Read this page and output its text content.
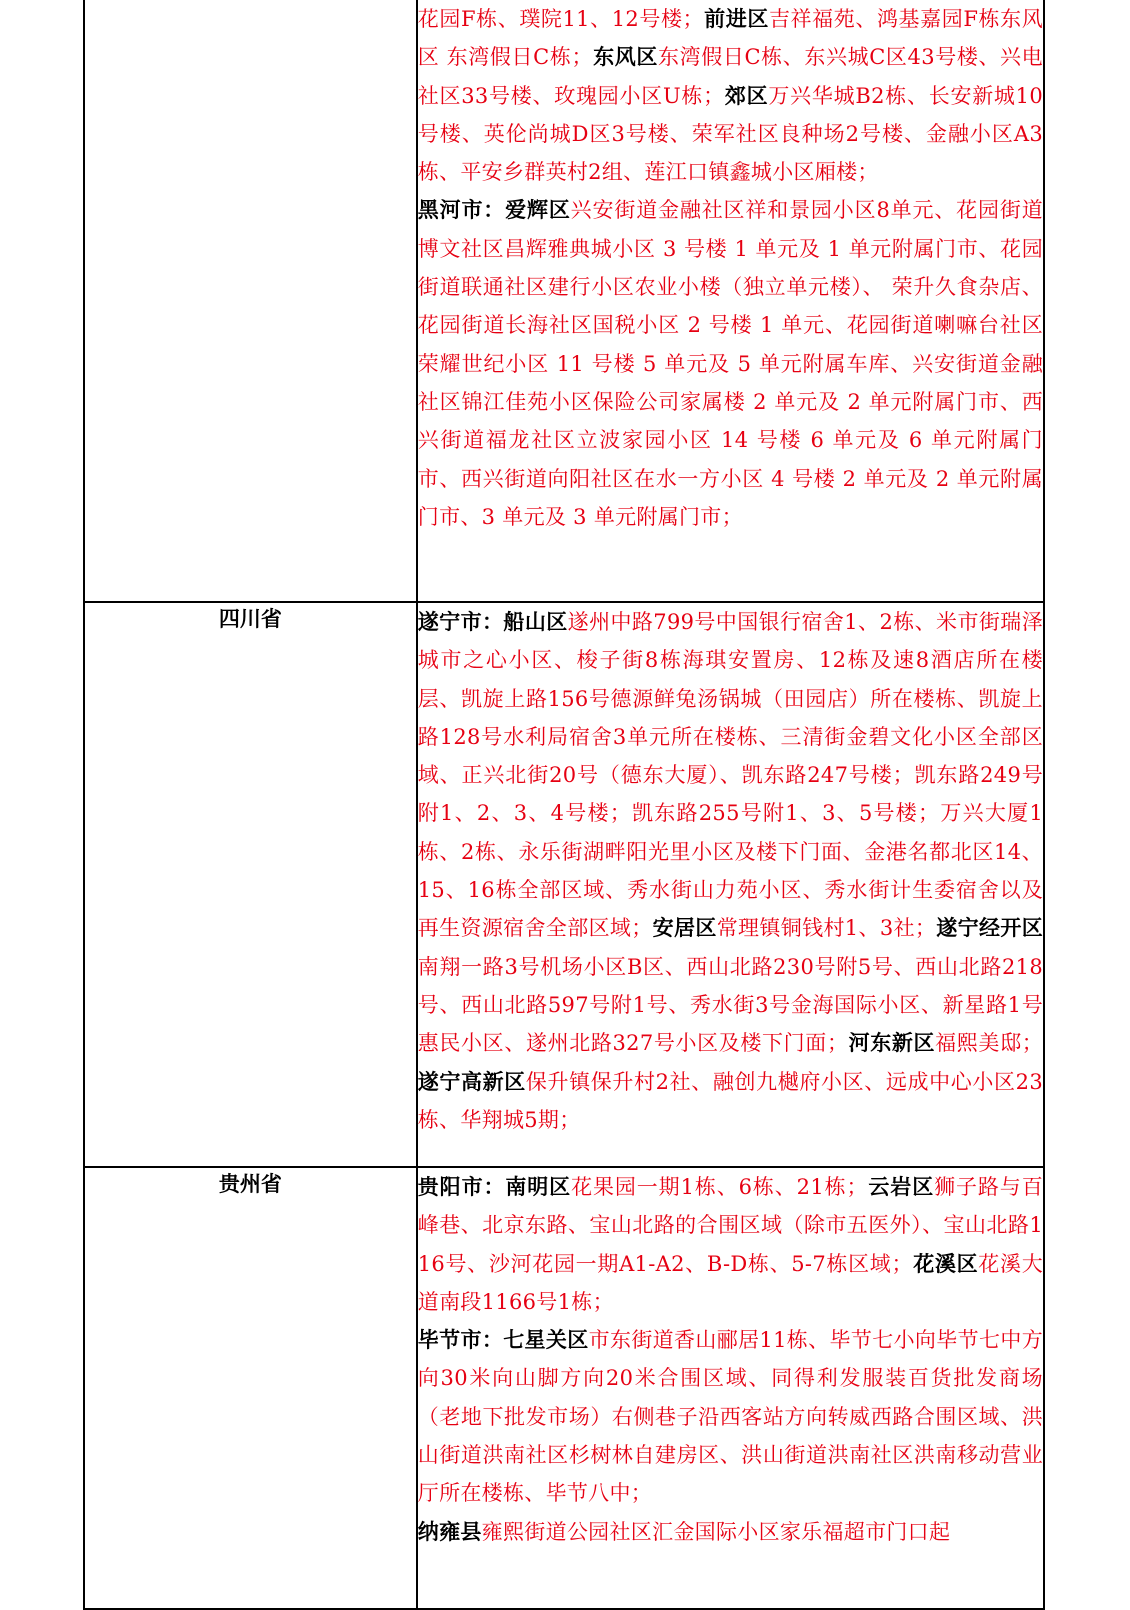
	花园F栋、璞院11、12号楼；前进区吉祥福苑、鸿基嘉园F栋东风区 东湾假日C栋；东风区东湾假日C栋、东兴城C区43号楼、兴电社区33号楼、玫瑰园小区U栋；郊区万兴华城B2栋、长安新城10号楼、英伦尚城D区3号楼、荣军社区良种场2号楼、金融小区A3栋、平安乡群英村2组、莲江口镇鑫城小区厢楼；

黑河市：爱辉区兴安街道金融社区祥和景园小区8单元、花园街道博文社区昌辉雅典城小区 3 号楼 1 单元及 1 单元附属门市、花园街道联通社区建行小区农业小楼（独立单元楼）、 荣升久食杂店、花园街道长海社区国税小区 2 号楼 1 单元、花园街道喇嘛台社区荣耀世纪小区 11 号楼 5 单元及 5 单元附属车库、兴安街道金融社区锦江佳苑小区保险公司家属楼 2 单元及 2 单元附属门市、西兴街道福龙社区立波家园小区 14 号楼 6 单元及 6 单元附属门市、西兴街道向阳社区在水一方小区 4 号楼 2 单元及 2 单元附属门市、3 单元及 3 单元附属门市；

四川省	遂宁市：船山区遂州中路799号中国银行宿舍1、2栋、米市街瑞泽城市之心小区、梭子街8栋海琪安置房、12栋及速8酒店所在楼层、凯旋上路156号德源鲜兔汤锅城（田园店）所在楼栋、凯旋上路128号水利局宿舍3单元所在楼栋、三清街金碧文化小区全部区域、正兴北街20号（德东大厦）、凯东路247号楼；凯东路249号附1、2、3、4号楼；凯东路255号附1、3、5号楼；万兴大厦1栋、2栋、永乐街湖畔阳光里小区及楼下门面、金港名都北区14、15、16栋全部区域、秀水街山力苑小区、秀水街计生委宿舍以及再生资源宿舍全部区域；安居区常理镇铜钱村1、3社；遂宁经开区南翔一路3号机场小区B区、西山北路230号附5号、西山北路218号、西山北路597号附1号、秀水街3号金海国际小区、新星路1号惠民小区、遂州北路327号小区及楼下门面；河东新区福熙美邸；遂宁高新区保升镇保升村2社、融创九樾府小区、远成中心小区23栋、华翔城5期；

贵州省	贵阳市：南明区花果园一期1栋、6栋、21栋；云岩区狮子路与百峰巷、北京东路、宝山北路的合围区域（除市五医外）、宝山北路116号、沙河花园一期A1-A2、B-D栋、5-7栋区域；花溪区花溪大道南段1166号1栋；

毕节市：七星关区市东街道香山郦居11栋、毕节七小向毕节七中方向30米向山脚方向20米合围区域、同得利发服装百货批发商场（老地下批发市场）右侧巷子沿西客站方向转威西路合围区域、洪山街道洪南社区杉树林自建房区、洪山街道洪南社区洪南移动营业厅所在楼栋、毕节八中；

纳雍县雍熙街道公园社区汇金国际小区家乐福超市门口起
